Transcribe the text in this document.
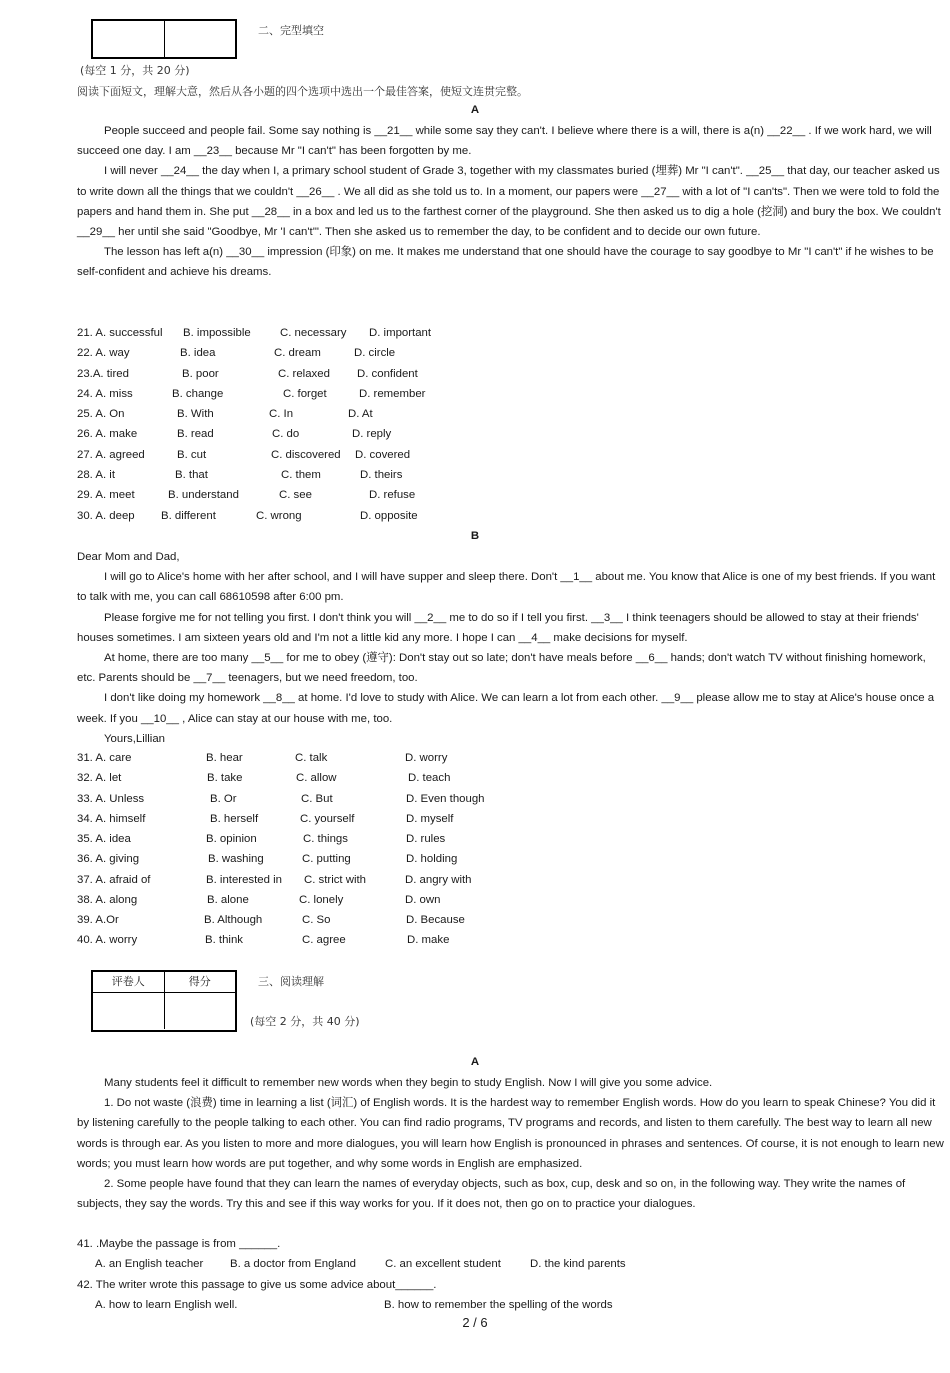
二、完型填空
(每空 1 分，共 20 分)
阅读下面短文，理解大意，然后从各小题的四个选项中选出一个最佳答案，使短文连贯完整。
A
People succeed and people fail. Some say nothing is __21__ while some say they can't. I believe where there is a will, there is a(n) __22__ . If we work hard, we will succeed one day. I am __23__ because Mr "I can't" has been forgotten by me.
I will never __24__ the day when I, a primary school student of Grade 3, together with my classmates buried (埋葬) Mr "I can't". __25__ that day, our teacher asked us to write down all the things that we couldn't __26__ . We all did as she told us to. In a moment, our papers were __27__ with a lot of "I can'ts". Then we were told to fold the papers and hand them in. She put __28__ in a box and led us to the farthest corner of the playground. She then asked us to dig a hole (挖洞) and bury the box. We couldn't __29__ her until she said "Goodbye, Mr 'I can't'". Then she asked us to remember the day, to be confident and to decide our own future.
The lesson has left a(n) __30__ impression (印象) on me. It makes me understand that one should have the courage to say goodbye to Mr "I can't" if he wishes to be self-confident and achieve his dreams.
21. A. successful B. impossible	C. necessary D. important
22. A. way	B. idea	C. dream	D. circle
23.A. tired	B. poor	C. relaxed D. confident
24. A. miss	B. change	C. forget	D. remember
25. A. On	B. With	C. In	D. At
26. A. make	B. read	C. do	D. reply
27. A. agreed	B. cut	C. discovered D. covered
28. A. it	B. that	C. them	D. theirs
29. A. meet	B. understand	C. see	D. refuse
30. A. deep B. different	C. wrong	D. opposite
B
Dear Mom and Dad,
I will go to Alice's home with her after school, and I will have supper and sleep there. Don't __1__ about me. You know that Alice is one of my best friends. If you want to talk with me, you can call 68610598 after 6:00 pm.
Please forgive me for not telling you first. I don't think you will __2__ me to do so if I tell you first. __3__ I think teenagers should be allowed to stay at their friends' houses sometimes. I am sixteen years old and I'm not a little kid any more. I hope I can __4__ make decisions for myself.
At home, there are too many __5__ for me to obey (遵守): Don't stay out so late; don't have meals before __6__ hands; don't watch TV without finishing homework, etc. Parents should be __7__ teenagers, but we need freedom, too.
I don't like doing my homework __8__ at home. I'd love to study with Alice. We can learn a lot from each other. __9__ please allow me to stay at Alice's house once a week. If you __10__ , Alice can stay at our house with me, too.
Yours,Lillian
31. A. care	B. hear	C. talk	D. worry
32. A. let	B. take	C. allow	D. teach
33. A. Unless	B. Or	C. But	D. Even though
34. A. himself	B. herself	C. yourself	D. myself
35. A. idea	B. opinion	C. things	D. rules
36. A. giving	B. washing	C. putting	D. holding
37. A. afraid of	B. interested in C. strict with	D. angry with
38. A. along	B. alone	C. lonely	D. own
39. A.Or	B. Although	C. So	D. Because
40. A. worry	B. think	C. agree	D. make
评卷人	得分	三、阅读理解
(每空 2 分，共 40 分)
A
Many students feel it difficult to remember new words when they begin to study English. Now I will give you some advice.
1. Do not waste (浪费) time in learning a list (词汇) of English words. It is the hardest way to remember English words. How do you learn to speak Chinese? You did it by listening carefully to the people talking to each other. You can find radio programs, TV programs and records, and listen to them carefully. The best way to learn all new words is through ear. As you listen to more and more dialogues, you will learn how English is pronounced in phrases and sentences. Of course, it is not enough to learn new words; you must learn how words are put together, and why some words in English are emphasized.
2. Some people have found that they can learn the names of everyday objects, such as box, cup, desk and so on, in the following way. They write the names of subjects, they say the words. Try this and see if this way works for you. If it does not, then go on to practice your dialogues.
41. .Maybe the passage is from ______.
A. an English teacher B. a doctor from England	C. an excellent student	D. the kind parents
42. The writer wrote this passage to give us some advice about______.
A. how to learn English well.	B. how to remember the spelling of the words
2 / 6
